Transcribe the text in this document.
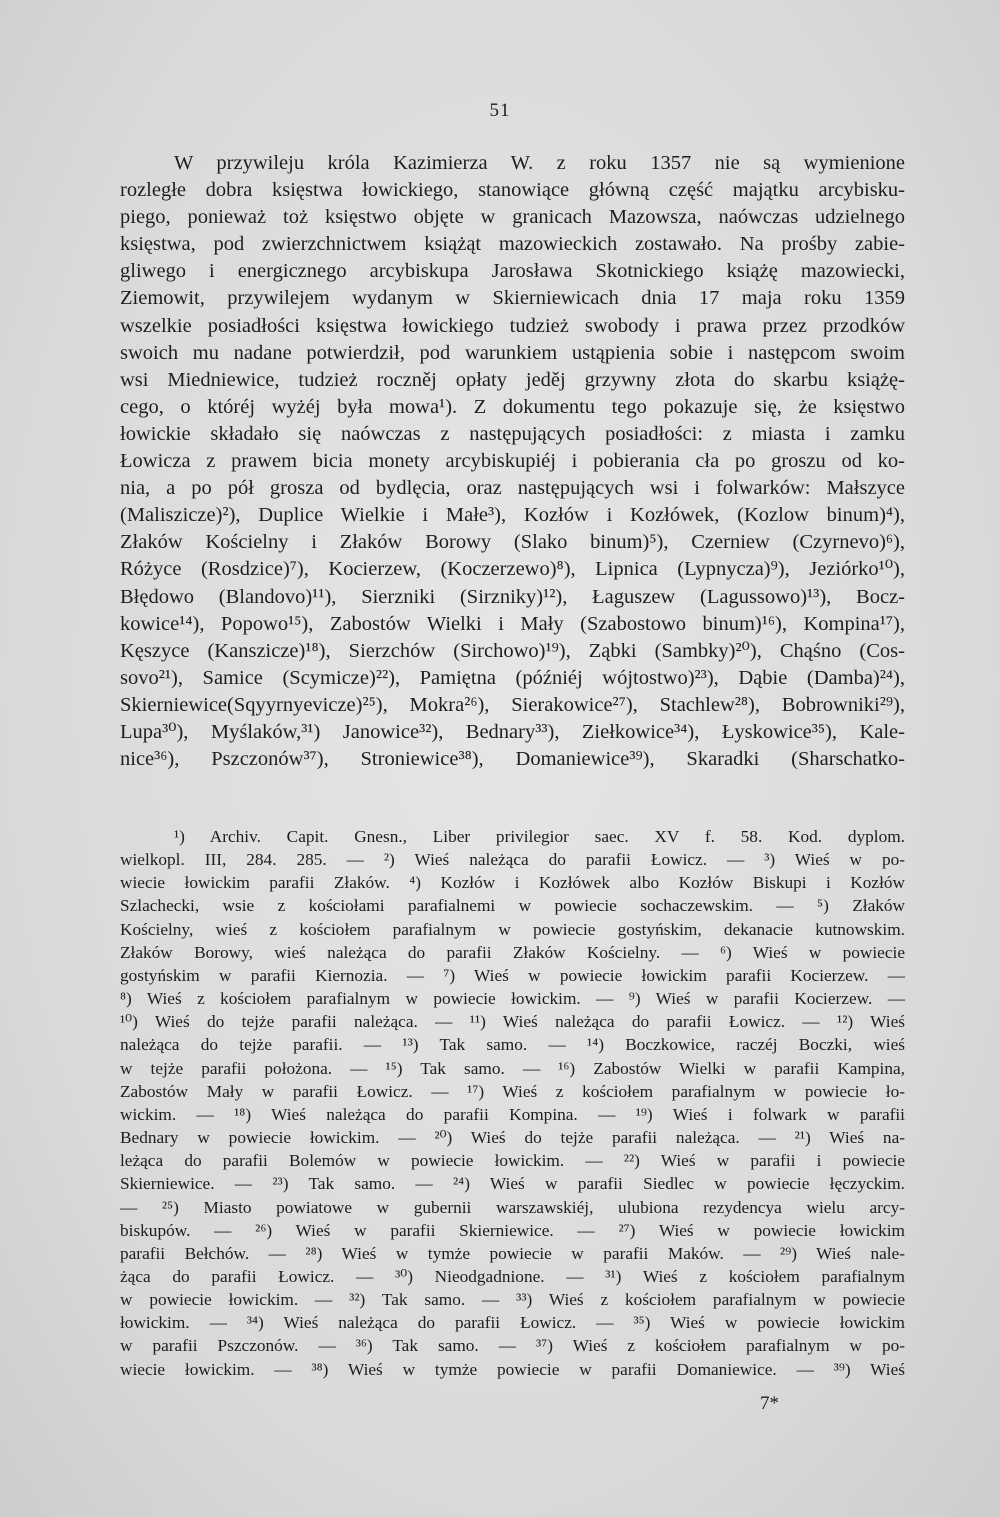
51
W przywileju króla Kazimierza W. z roku 1357 nie są wymienione
rozległe dobra księstwa łowickiego, stanowiące główną część majątku arcybisku-
piego, ponieważ toż księstwo objęte w granicach Mazowsza, naówczas udzielnego
księstwa, pod zwierzchnictwem książąt mazowieckich zostawało. Na prośby zabie-
gliwego i energicznego arcybiskupa Jarosława Skotnickiego książę mazowiecki,
Ziemowit, przywilejem wydanym w Skierniewicach dnia 17 maja roku 1359
wszelkie posiadłości księstwa łowickiego tudzież swobody i prawa przez przodków
swoich mu nadane potwierdził, pod warunkiem ustąpienia sobie i następcom swoim
wsi Miedniewice, tudzież roczněj opłaty jeděj grzywny złota do skarbu książę-
cego, o któréj wyżéj była mowa¹). Z dokumentu tego pokazuje się, że księstwo
łowickie składało się naówczas z następujących posiadłości: z miasta i zamku
Łowicza z prawem bicia monety arcybiskupiéj i pobierania cła po groszu od ko-
nia, a po pół grosza od bydlęcia, oraz następujących wsi i folwarków: Małszyce
(Maliszicze)²), Duplice Wielkie i Małe³), Kozłów i Kozłówek, (Kozlow binum)⁴),
Złaków Kościelny i Złaków Borowy (Slako binum)⁵), Czerniew (Czyrnevo)⁶),
Różyce (Rosdzice)⁷), Kocierzew, (Koczerzewo)⁸), Lipnica (Lypnycza)⁹), Jeziórko¹⁰),
Błędowo (Blandovo)¹¹), Sierzniki (Sirzniky)¹²), Łaguszew (Lagussowo)¹³), Bocz-
kowice¹⁴), Popowo¹⁵), Zabostów Wielki i Mały (Szabostowo binum)¹⁶), Kompina¹⁷),
Kęszyce (Kanszicze)¹⁸), Sierzchów (Sirchowo)¹⁹), Ząbki (Sambky)²⁰), Chąśno (Cos-
sovo²¹), Samice (Scymicze)²²), Pamiętna (późniéj wójtostwo)²³), Dąbie (Damba)²⁴),
Skierniewice(Sqyyrnyevicze)²⁵), Mokra²⁶), Sierakowice²⁷), Stachlew²⁸), Bobrowniki²⁹),
Lupa³⁰), Myślaków,³¹) Janowice³²), Bednary³³), Ziełkowice³⁴), Łyskowice³⁵), Kale-
nice³⁶), Pszczonów³⁷), Stroniewice³⁸), Domaniewice³⁹), Skaradki (Sharschatko-
¹) Archiv. Capit. Gnesn., Liber privilegior saec. XV f. 58. Kod. dyplom.
wielkopl. III, 284. 285. — ²) Wieś należąca do parafii Łowicz. — ³) Wieś w po-
wiecie łowickim parafii Złaków. ⁴) Kozłów i Kozłówek albo Kozłów Biskupi i Kozłów
Szlachecki, wsie z kościołami parafialnemi w powiecie sochaczewskim. — ⁵) Złaków
Kościelny, wieś z kościołem parafialnym w powiecie gostyńskim, dekanacie kutnowskim.
Złaków Borowy, wieś należąca do parafii Złaków Kościelny. — ⁶) Wieś w powiecie
gostyńskim w parafii Kiernozia. — ⁷) Wieś w powiecie łowickim parafii Kocierzew. —
⁸) Wieś z kościołem parafialnym w powiecie łowickim. — ⁹) Wieś w parafii Kocierzew. —
¹⁰) Wieś do tejże parafii należąca. — ¹¹) Wieś należąca do parafii Łowicz. — ¹²) Wieś
należąca do tejże parafii. — ¹³) Tak samo. — ¹⁴) Boczkowice, raczéj Boczki, wieś
w tejże parafii położona. — ¹⁵) Tak samo. — ¹⁶) Zabostów Wielki w parafii Kampina,
Zabostów Mały w parafii Łowicz. — ¹⁷) Wieś z kościołem parafialnym w powiecie ło-
wickim. — ¹⁸) Wieś należąca do parafii Kompina. — ¹⁹) Wieś i folwark w parafii
Bednary w powiecie łowickim. — ²⁰) Wieś do tejże parafii należąca. — ²¹) Wieś na-
leżąca do parafii Bolemów w powiecie łowickim. — ²²) Wieś w parafii i powiecie
Skierniewice. — ²³) Tak samo. — ²⁴) Wieś w parafii Siedlec w powiecie łęczyckim.
— ²⁵) Miasto powiatowe w gubernii warszawskiéj, ulubiona rezydencya wielu arcy-
biskupów. — ²⁶) Wieś w parafii Skierniewice. — ²⁷) Wieś w powiecie łowickim
parafii Bełchów. — ²⁸) Wieś w tymże powiecie w parafii Maków. — ²⁹) Wieś nale-
żąca do parafii Łowicz. — ³⁰) Nieodgadnione. — ³¹) Wieś z kościołem parafialnym
w powiecie łowickim. — ³²) Tak samo. — ³³) Wieś z kościołem parafialnym w powiecie
łowickim. — ³⁴) Wieś należąca do parafii Łowicz. — ³⁵) Wieś w powiecie łowickim
w parafii Pszczonów. — ³⁶) Tak samo. — ³⁷) Wieś z kościołem parafialnym w po-
wiecie łowickim. — ³⁸) Wieś w tymże powiecie w parafii Domaniewice. — ³⁹) Wieś
7*
